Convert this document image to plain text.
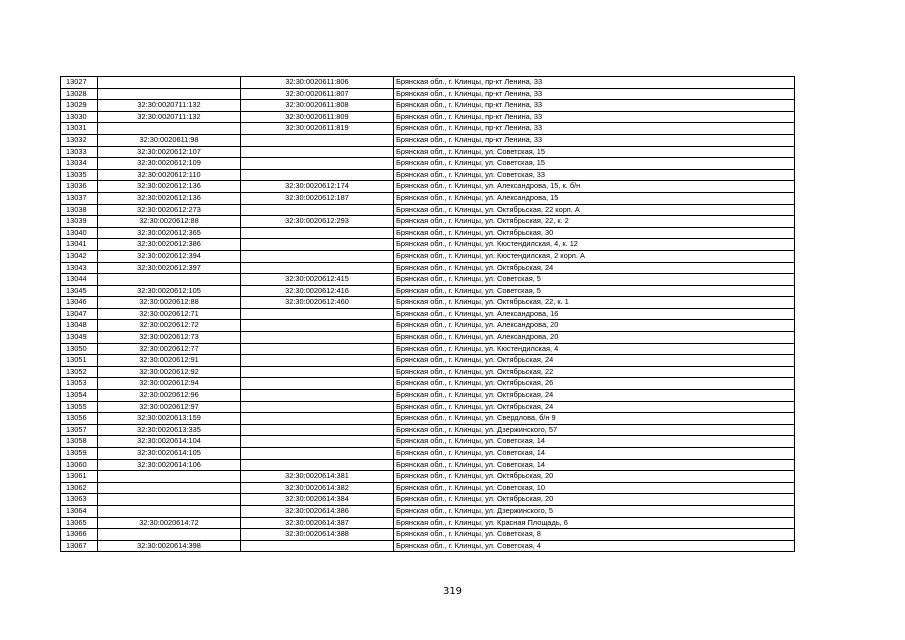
13027		32:30:0020611:806	Брянская обл., г. Клинцы, пр-кт Ленина, 33
13028		32:30:0020611:807	Брянская обл., г. Клинцы, пр-кт Ленина, 33
13029	32:30:0020711:132	32:30:0020611:808	Брянская обл., г. Клинцы, пр-кт Ленина, 33
13030	32:30:0020711:132	32:30:0020611:809	Брянская обл., г. Клинцы, пр-кт Ленина, 33
13031		32:30:0020611:819	Брянская обл., г. Клинцы, пр-кт Ленина, 33
13032	32:30:0020611:98		Брянская обл., г. Клинцы, пр-кт Ленина, 33
13033	32:30:0020612:107		Брянская обл., г. Клинцы, ул. Советская, 15
13034	32:30:0020612:109		Брянская обл., г. Клинцы, ул. Советская, 15
13035	32:30:0020612:110		Брянская обл., г. Клинцы, ул. Советская, 33
13036	32:30:0020612:136	32:30:0020612:174	Брянская обл., г. Клинцы, ул. Александрова, 15, к. б/н
13037	32:30:0020612:136	32:30:0020612:187	Брянская обл., г. Клинцы, ул. Александрова, 15
13038	32:30:0020612:273		Брянская обл., г. Клинцы, ул. Октябрьская, 22 корп. А
13039	32:30:0020612:88	32:30:0020612:293	Брянская обл., г. Клинцы, ул. Октябрьская, 22, к. 2
13040	32:30:0020612:365		Брянская обл., г. Клинцы, ул. Октябрьская, 30
13041	32:30:0020612:386		Брянская обл., г. Клинцы, ул. Кюстендилская, 4, к. 12
13042	32:30:0020612:394		Брянская обл., г. Клинцы, ул. Кюстендилская, 2 корп. А
13043	32:30:0020612:397		Брянская обл., г. Клинцы, ул. Октябрьская, 24
13044		32:30:0020612:415	Брянская обл., г. Клинцы, ул. Советская, 5
13045	32:30:0020612:105	32:30:0020612:416	Брянская обл., г. Клинцы, ул. Советская, 5
13046	32:30:0020612:88	32:30:0020612:460	Брянская обл., г. Клинцы, ул. Октябрьская, 22, к. 1
13047	32:30:0020612:71		Брянская обл., г. Клинцы, ул. Александрова, 16
13048	32:30:0020612:72		Брянская обл., г. Клинцы, ул. Александрова, 20
13049	32:30:0020612:73		Брянская обл., г. Клинцы, ул. Александрова, 20
13050	32:30:0020612:77		Брянская обл., г. Клинцы, ул. Кюстендилская, 4
13051	32:30:0020612:91		Брянская обл., г. Клинцы, ул. Октябрьская, 24
13052	32:30:0020612:92		Брянская обл., г. Клинцы, ул. Октябрьская, 22
13053	32:30:0020612:94		Брянская обл., г. Клинцы, ул. Октябрьская, 26
13054	32:30:0020612:96		Брянская обл., г. Клинцы, ул. Октябрьская, 24
13055	32:30:0020612:97		Брянская обл., г. Клинцы, ул. Октябрьская, 24
13056	32:30:0020613:159		Брянская обл., г. Клинцы, ул. Свердлова, б/н 9
13057	32:30:0020613:335		Брянская обл., г. Клинцы, ул. Дзержинского, 57
13058	32:30:0020614:104		Брянская обл., г. Клинцы, ул. Советская, 14
13059	32:30:0020614:105		Брянская обл., г. Клинцы, ул. Советская, 14
13060	32:30:0020614:106		Брянская обл., г. Клинцы, ул. Советская, 14
13061		32:30:0020614:381	Брянская обл., г. Клинцы, ул. Октябрьская, 20
13062		32:30:0020614:382	Брянская обл., г. Клинцы, ул. Советская, 10
13063		32:30:0020614:384	Брянская обл., г. Клинцы, ул. Октябрьская, 20
13064		32:30:0020614:386	Брянская обл., г. Клинцы, ул. Дзержинского, 5
13065	32:30:0020614:72	32:30:0020614:387	Брянская обл., г. Клинцы, ул. Красная Площадь, 6
13066		32:30:0020614:388	Брянская обл., г. Клинцы, ул. Советская, 8
13067	32:30:0020614:398		Брянская обл., г. Клинцы, ул. Советская, 4
319
